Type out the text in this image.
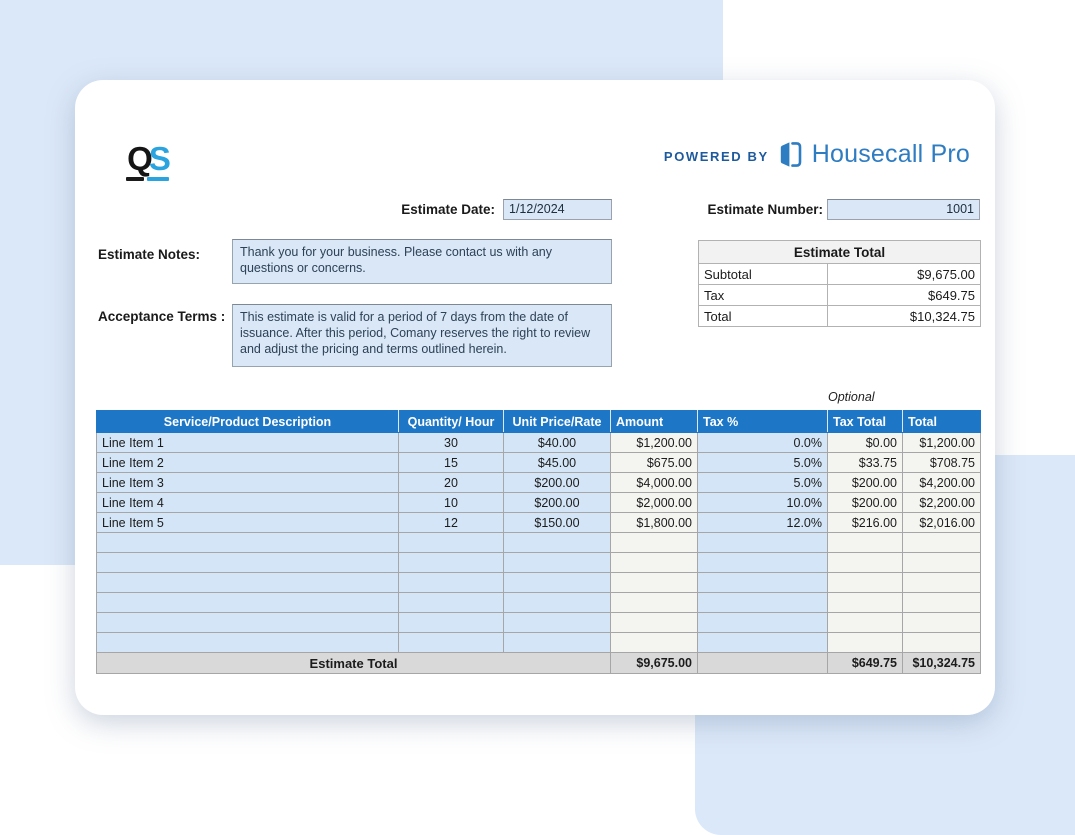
QS	POWERED BY Housecall Pro
Estimate Date:	1/12/2024	Estimate Number:	1001
Estimate Notes:	Thank you for your business. Please contact us with any questions or concerns.
Acceptance Terms :	This estimate is valid for a period of 7 days from the date of issuance. After this period, Comany reserves the right to review and adjust the pricing and terms outlined herein.
Estimate Total	
Subtotal	$9,675.00
Tax	$649.75
Total	$10,324.75
Optional
Service/Product Description	Quantity/ Hour	Unit Price/Rate	Amount	Tax %	Tax Total	Total
Line Item 1	30	$40.00	$1,200.00	0.0%	$0.00	$1,200.00
Line Item 2	15	$45.00	$675.00	5.0%	$33.75	$708.75
Line Item 3	20	$200.00	$4,000.00	5.0%	$200.00	$4,200.00
Line Item 4	10	$200.00	$2,000.00	10.0%	$200.00	$2,200.00
Line Item 5	12	$150.00	$1,800.00	12.0%	$216.00	$2,016.00

Estimate Total			$9,675.00		$649.75	$10,324.75
